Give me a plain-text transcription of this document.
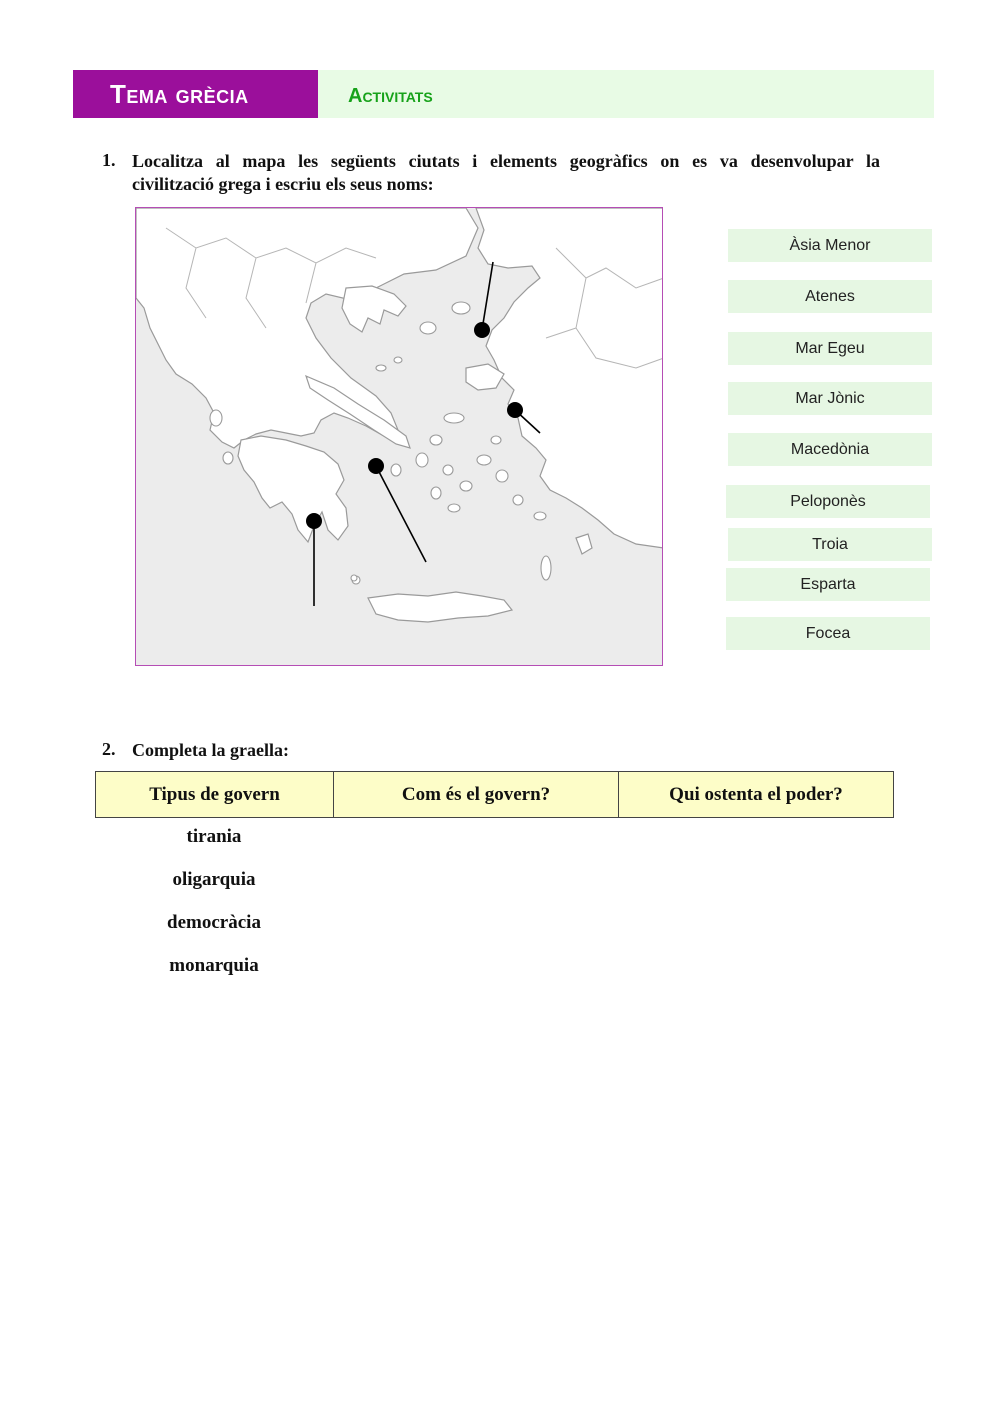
Tema grècia	Activitats
1. Localitza al mapa les següents ciutats i elements geogràfics on es va desenvolupar la
civilització grega i escriu els seus noms:
Àsia Menor
Atenes
Mar Egeu
Mar Jònic
Macedònia
Peloponès
Troia
Esparta
Focea
2. Completa la graella:
Tipus de govern	Com és el govern?	Qui ostenta el poder?
tirania
oligarquia
democràcia
monarquia
